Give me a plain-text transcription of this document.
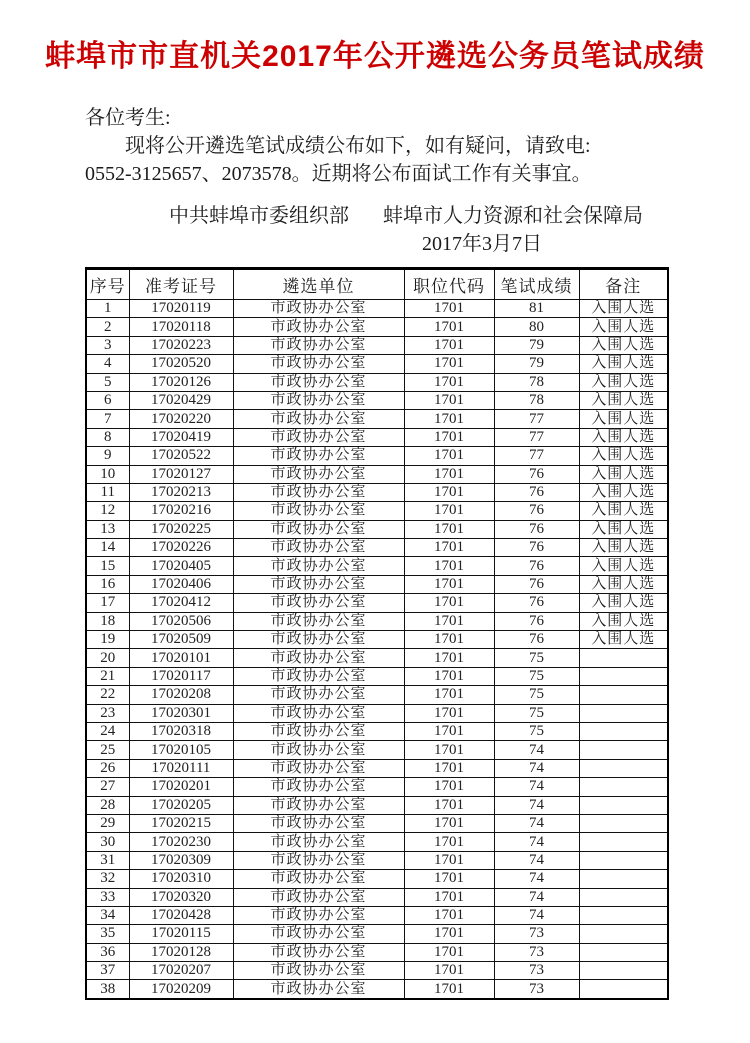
蚌埠市市直机关2017年公开遴选公务员笔试成绩
各位考生:
现将公开遴选笔试成绩公布如下，如有疑问，请致电:
0552-3125657、2073578。近期将公布面试工作有关事宜。
中共蚌埠市委组织部 蚌埠市人力资源和社会保障局
2017年3月7日
序号	准考证号	遴选单位	职位代码	笔试成绩	备注
1	17020119	市政协办公室	1701	81	入围人选
2	17020118	市政协办公室	1701	80	入围人选
3	17020223	市政协办公室	1701	79	入围人选
4	17020520	市政协办公室	1701	79	入围人选
5	17020126	市政协办公室	1701	78	入围人选
6	17020429	市政协办公室	1701	78	入围人选
7	17020220	市政协办公室	1701	77	入围人选
8	17020419	市政协办公室	1701	77	入围人选
9	17020522	市政协办公室	1701	77	入围人选
10	17020127	市政协办公室	1701	76	入围人选
11	17020213	市政协办公室	1701	76	入围人选
12	17020216	市政协办公室	1701	76	入围人选
13	17020225	市政协办公室	1701	76	入围人选
14	17020226	市政协办公室	1701	76	入围人选
15	17020405	市政协办公室	1701	76	入围人选
16	17020406	市政协办公室	1701	76	入围人选
17	17020412	市政协办公室	1701	76	入围人选
18	17020506	市政协办公室	1701	76	入围人选
19	17020509	市政协办公室	1701	76	入围人选
20	17020101	市政协办公室	1701	75	
21	17020117	市政协办公室	1701	75	
22	17020208	市政协办公室	1701	75	
23	17020301	市政协办公室	1701	75	
24	17020318	市政协办公室	1701	75	
25	17020105	市政协办公室	1701	74	
26	17020111	市政协办公室	1701	74	
27	17020201	市政协办公室	1701	74	
28	17020205	市政协办公室	1701	74	
29	17020215	市政协办公室	1701	74	
30	17020230	市政协办公室	1701	74	
31	17020309	市政协办公室	1701	74	
32	17020310	市政协办公室	1701	74	
33	17020320	市政协办公室	1701	74	
34	17020428	市政协办公室	1701	74	
35	17020115	市政协办公室	1701	73	
36	17020128	市政协办公室	1701	73	
37	17020207	市政协办公室	1701	73	
38	17020209	市政协办公室	1701	73	
